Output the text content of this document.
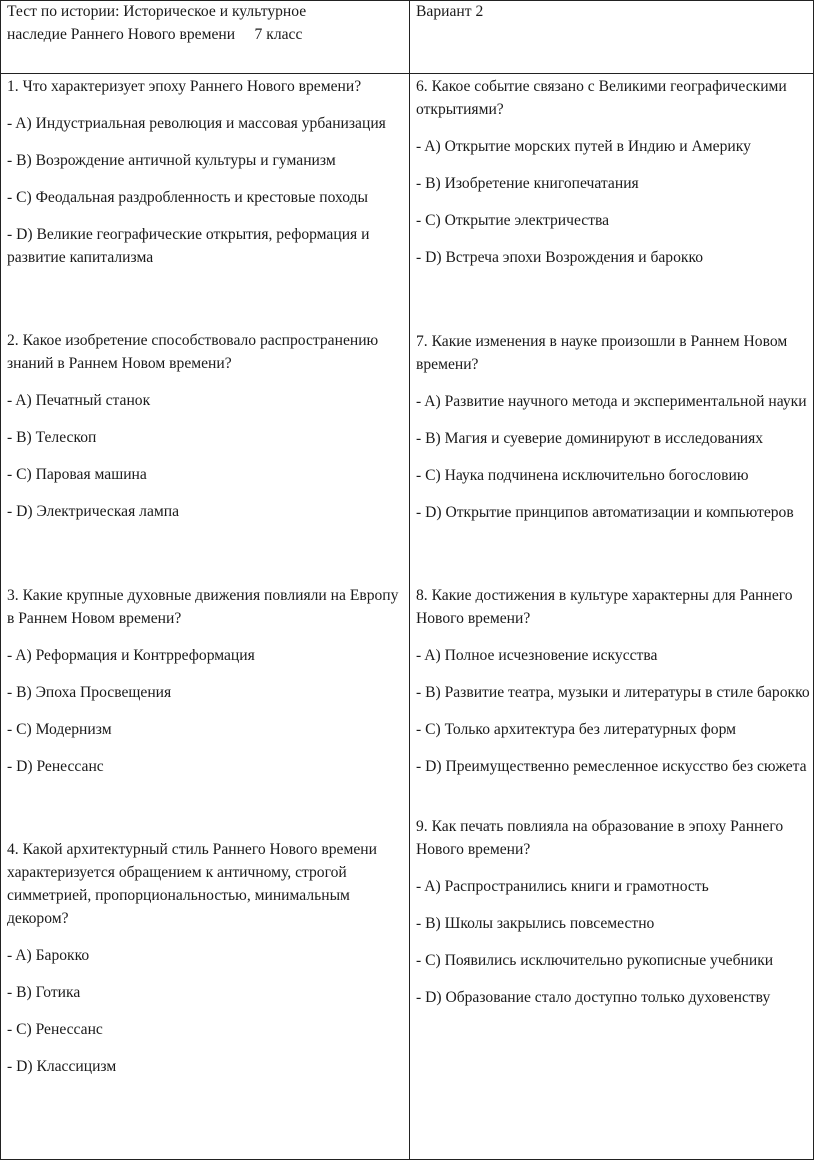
Тест по истории: Историческое и культурное
наследие Раннего Нового времени     7 класс
Вариант 2

1. Что характеризует эпоху Раннего Нового времени?

- A) Индустриальная революция и массовая урбанизация

- B) Возрождение античной культуры и гуманизм

- C) Феодальная раздробленность и крестовые походы

- D) Великие географические открытия, реформация и развитие капитализма

2. Какое изобретение способствовало распространению знаний в Раннем Новом времени?

- A) Печатный станок

- B) Телескоп

- C) Паровая машина

- D) Электрическая лампа

3. Какие крупные духовные движения повлияли на Европу в Раннем Новом времени?

- A) Реформация и Контрреформация

- B) Эпоха Просвещения

- C) Модернизм

- D) Ренессанс

4. Какой архитектурный стиль Раннего Нового времени характеризуется обращением к античному, строгой симметрией, пропорциональностью, минимальным декором?

- A) Барокко

- B) Готика

- C) Ренессанс

- D) Классицизм

6. Какое событие связано с Великими географическими открытиями?

- A) Открытие морских путей в Индию и Америку

- B) Изобретение книгопечатания

- C) Открытие электричества

- D) Встреча эпохи Возрождения и барокко

7. Какие изменения в науке произошли в Раннем Новом времени?

- A) Развитие научного метода и экспериментальной науки

- B) Магия и суеверие доминируют в исследованиях

- C) Наука подчинена исключительно богословию

- D) Открытие принципов автоматизации и компьютеров

8. Какие достижения в культуре характерны для Раннего Нового времени?

- A) Полное исчезновение искусства

- B) Развитие театра, музыки и литературы в стиле барокко

- C) Только архитектура без литературных форм

- D) Преимущественно ремесленное искусство без сюжета

9. Как печать повлияла на образование в эпоху Раннего Нового времени?

- A) Распространились книги и грамотность

- B) Школы закрылись повсеместно

- C) Появились исключительно рукописные учебники

- D) Образование стало доступно только духовенству
